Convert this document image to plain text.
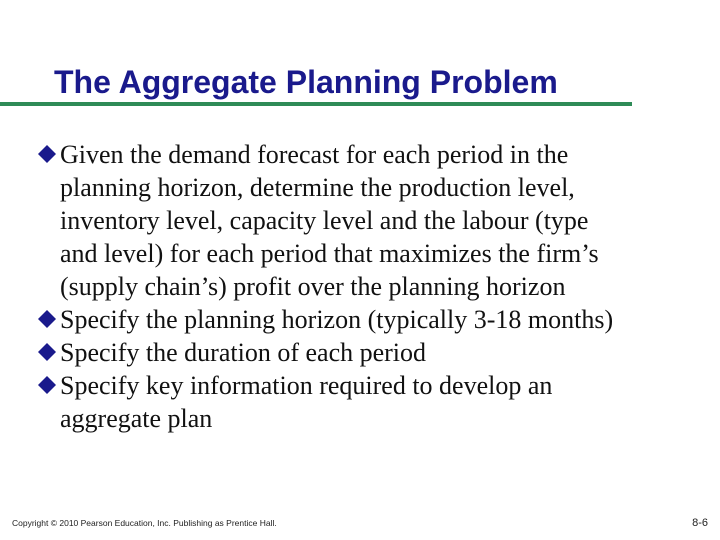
The Aggregate Planning Problem
Given the demand forecast for each period in the
planning horizon, determine the production level,
inventory level, capacity level and the labour (type
and level) for each period that maximizes the firm’s
(supply chain’s) profit over the planning horizon
Specify the planning horizon (typically 3-18 months)
Specify the duration of each period
Specify key information required to develop an
aggregate plan
Copyright © 2010 Pearson Education, Inc. Publishing as Prentice Hall.	8-6
